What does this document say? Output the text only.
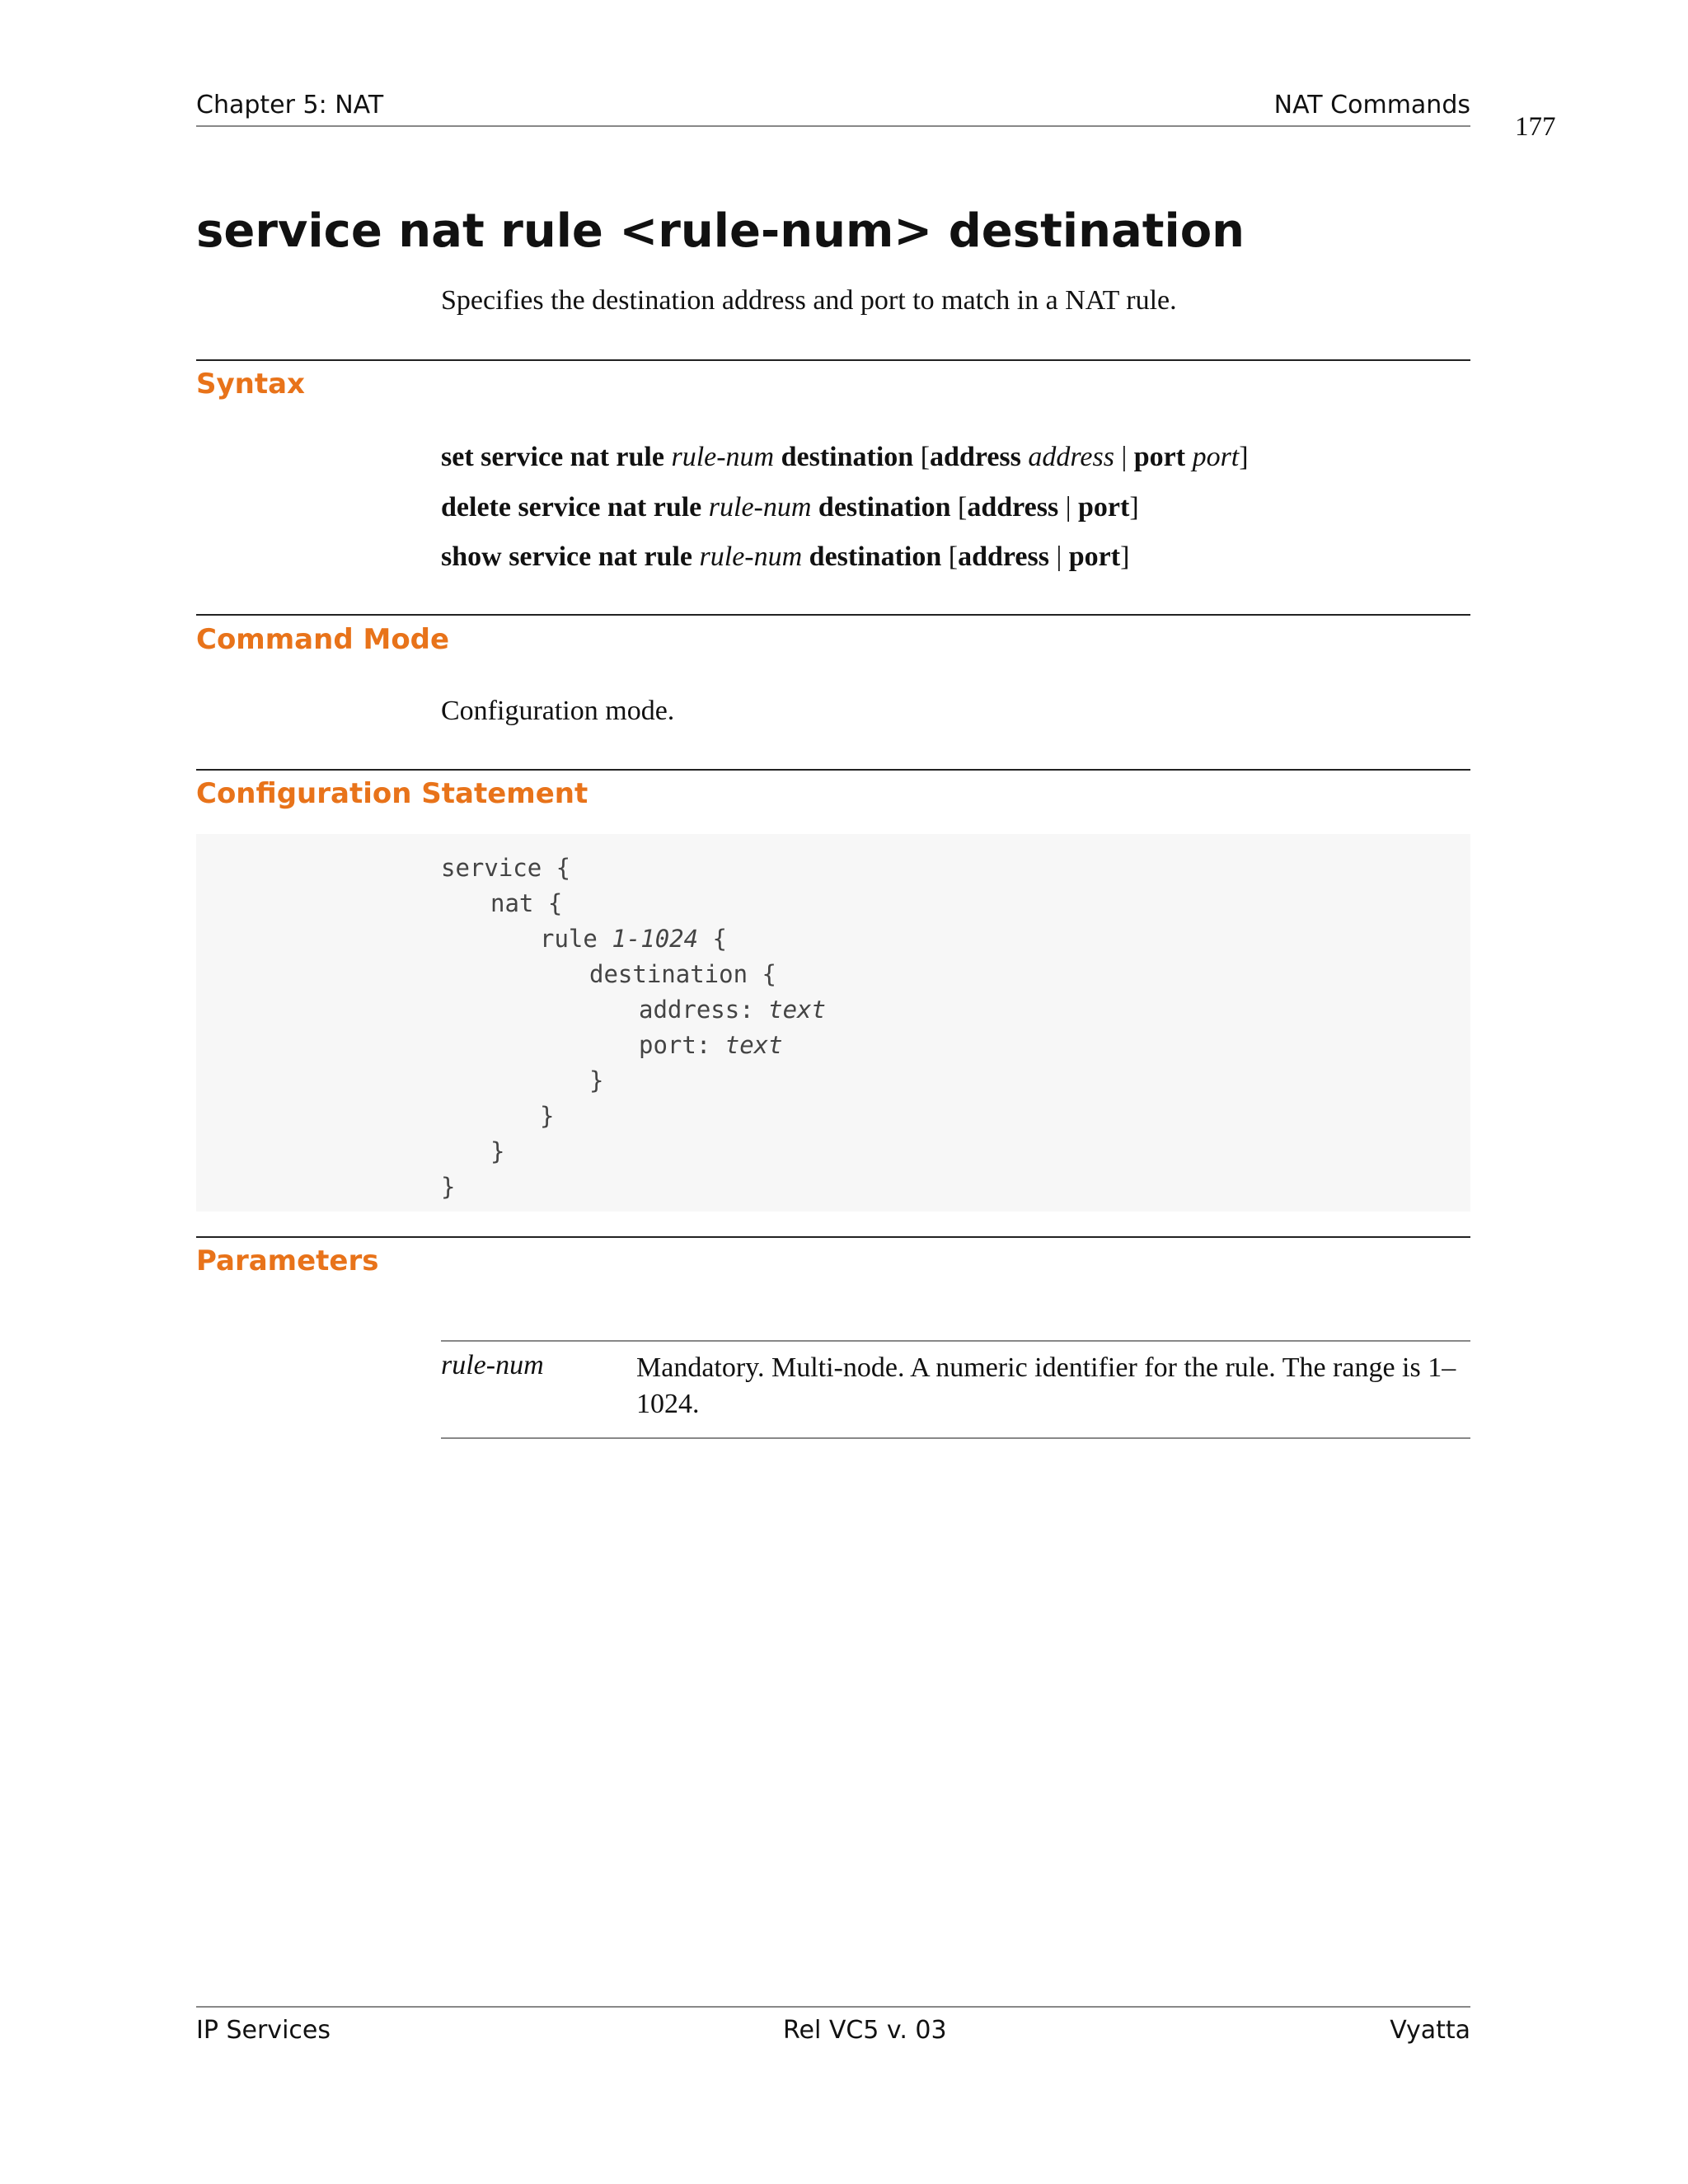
Chapter 5: NAT	NAT Commands
177
service nat rule <rule-num> destination
Specifies the destination address and port to match in a NAT rule.
Syntax
set service nat rule rule-num destination [address address | port port]
delete service nat rule rule-num destination [address | port]
show service nat rule rule-num destination [address | port]
Command Mode
Configuration mode.
Configuration Statement
service {
nat {
rule 1-1024 {
destination {
address: text
port: text
}
}
}
}
Parameters
rule-num	Mandatory. Multi-node. A numeric identifier for the rule. The range is 1–1024.
IP Services	Rel VC5 v. 03	Vyatta
